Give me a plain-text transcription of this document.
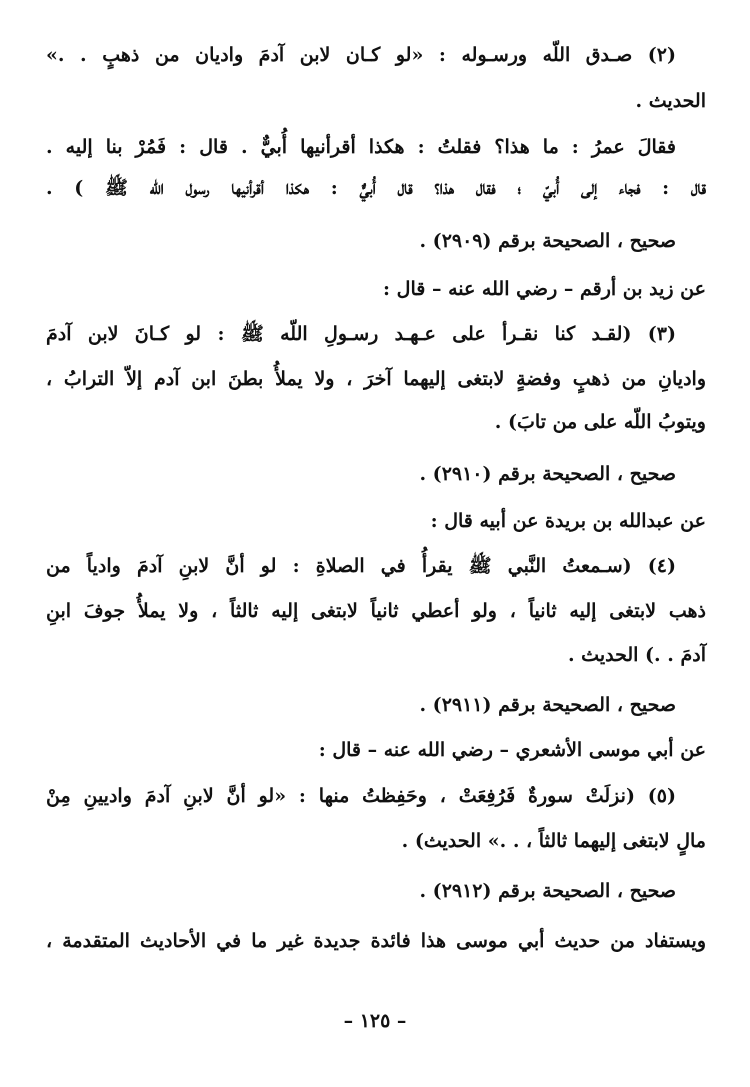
(٢) صـدق اللّه ورسـوله : «لو كـان لابن آدمَ واديان من ذهبٍ . .»
الحديث .
فقالَ عمرُ : ما هذا؟ فقلتُ : هكذا أقرأنيها أُبيٌّ . قال : فَمُرْ بنا إليه .
قال : فجاء إلى أُبيّ ؛ فقال هذا؟ قال أُبيٌّ : هكذا أقرأنيها رسول الله ﷺ ) .
صحيح ، الصحيحة برقم (٢٩٠٩) .
عن زيد بن أرقم – رضي الله عنه – قال :
(٣) (لقـد كنا نقـرأ على عـهـد رسـولِ اللّه ﷺ : لو كـانَ لابن آدمَ
واديانِ من ذهبٍ وفضةٍ لابتغى إليهما آخرَ ، ولا يملأُ بطنَ ابن آدم إلاّ الترابُ ،
ويتوبُ اللّه على من تابَ) .
صحيح ، الصحيحة برقم (٢٩١٠) .
عن عبدالله بن بريدة عن أبيه قال :
(٤) (سـمعتُ النَّبي ﷺ يقرأُ في الصلاةِ : لو أنَّ لابنِ آدمَ وادياً من
ذهب لابتغى إليه ثانياً ، ولو أعطي ثانياً لابتغى إليه ثالثاً ، ولا يملأُ جوفَ ابنِ
آدمَ . .) الحديث .
صحيح ، الصحيحة برقم (٢٩١١) .
عن أبي موسى الأشعري – رضي الله عنه – قال :
(٥) (نزلَتْ سورةٌ فَرُفِعَتْ ، وحَفِظتُ منها : «لو أنَّ لابنِ آدمَ واديينِ مِنْ
مالٍ لابتغى إليهما ثالثاً ، . .» الحديث) .
صحيح ، الصحيحة برقم (٢٩١٢) .
ويستفاد من حديث أبي موسى هذا فائدة جديدة غير ما في الأحاديث المتقدمة ،
– ١٢٥ –
